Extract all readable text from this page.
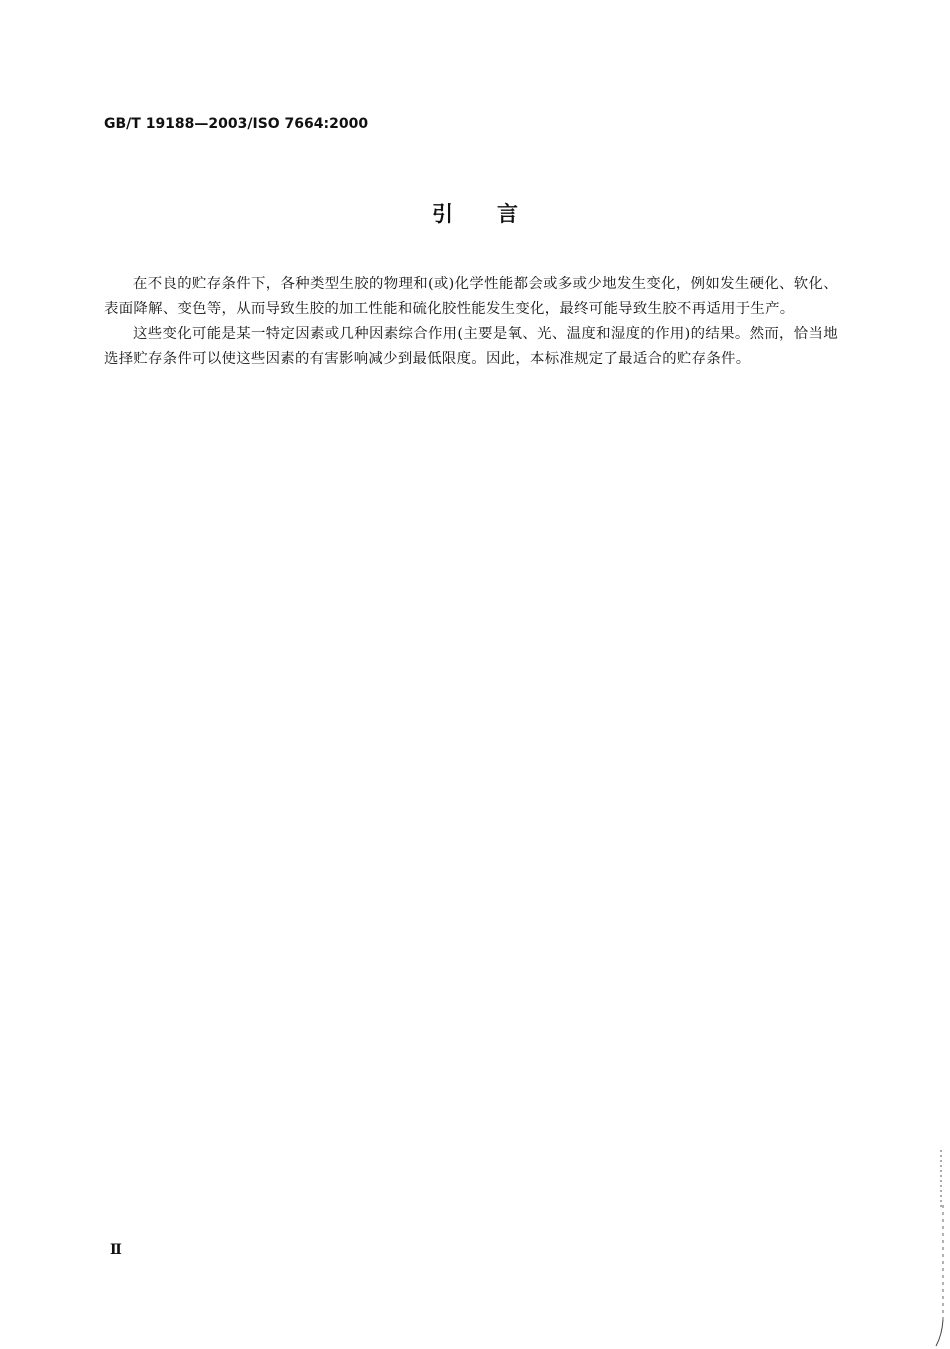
GB/T 19188—2003/ISO 7664:2000
引言

在不良的贮存条件下，各种类型生胶的物理和(或)化学性能都会或多或少地发生变化，例如发生硬化、软化、表面降解、变色等，从而导致生胶的加工性能和硫化胶性能发生变化，最终可能导致生胶不再适用于生产。

这些变化可能是某一特定因素或几种因素综合作用(主要是氧、光、温度和湿度的作用)的结果。然而，恰当地选择贮存条件可以使这些因素的有害影响减少到最低限度。因此，本标准规定了最适合的贮存条件。

Ⅱ
